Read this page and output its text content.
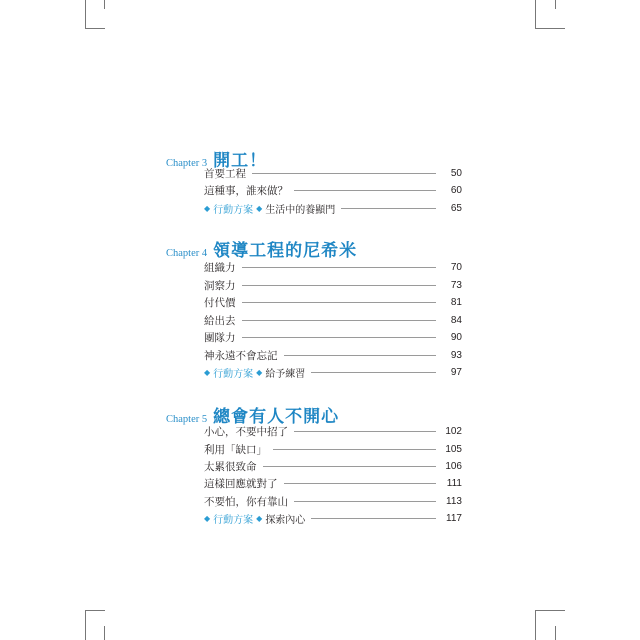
Chapter 3 開工！
首要工程	50
這種事，誰來做？	60
◆ 行動方案 ◆ 生活中的養顯門	65
Chapter 4 領導工程的尼希米
組織力	70
洞察力	73
付代價	81
給出去	84
團隊力	90
神永遠不會忘記	93
◆ 行動方案 ◆ 給予練習	97
Chapter 5 總會有人不開心
小心，不要中招了	102
利用「缺口」	105
太累很致命	106
這樣回應就對了	111
不要怕，你有靠山	113
◆ 行動方案 ◆ 探索內心	117
